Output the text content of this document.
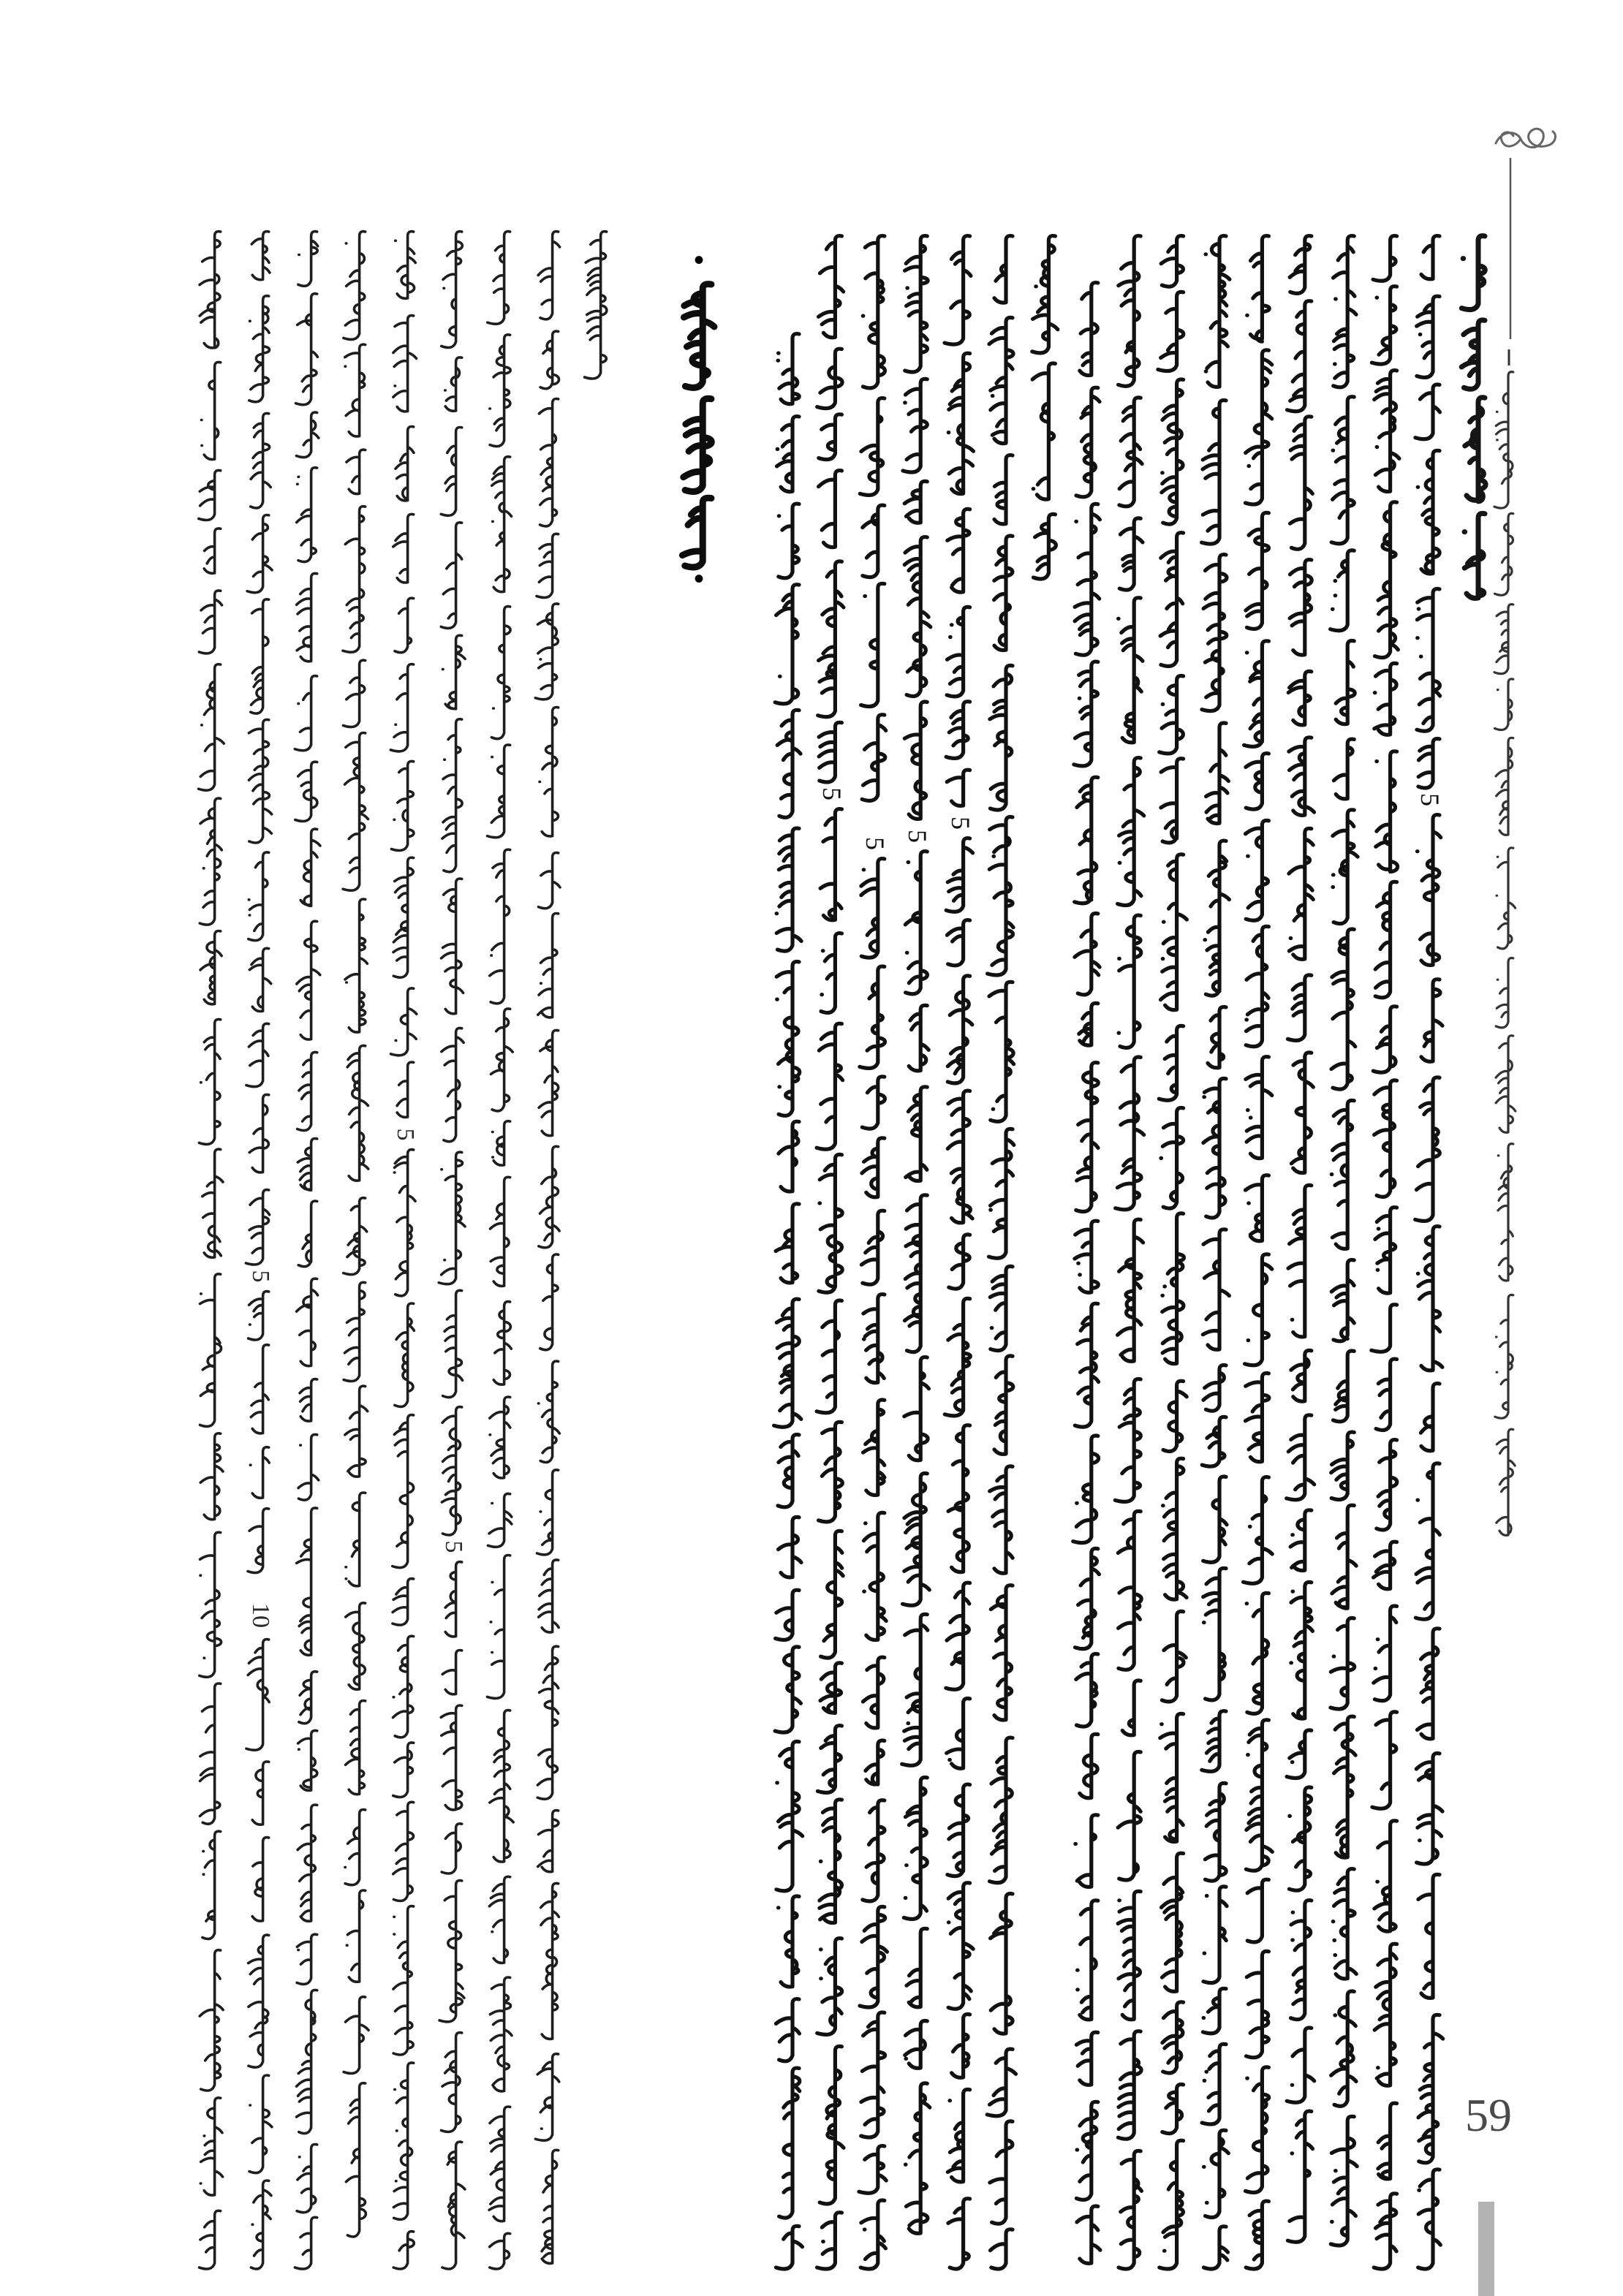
•
•
5
5
5
5
5
5
10
5
5
59
